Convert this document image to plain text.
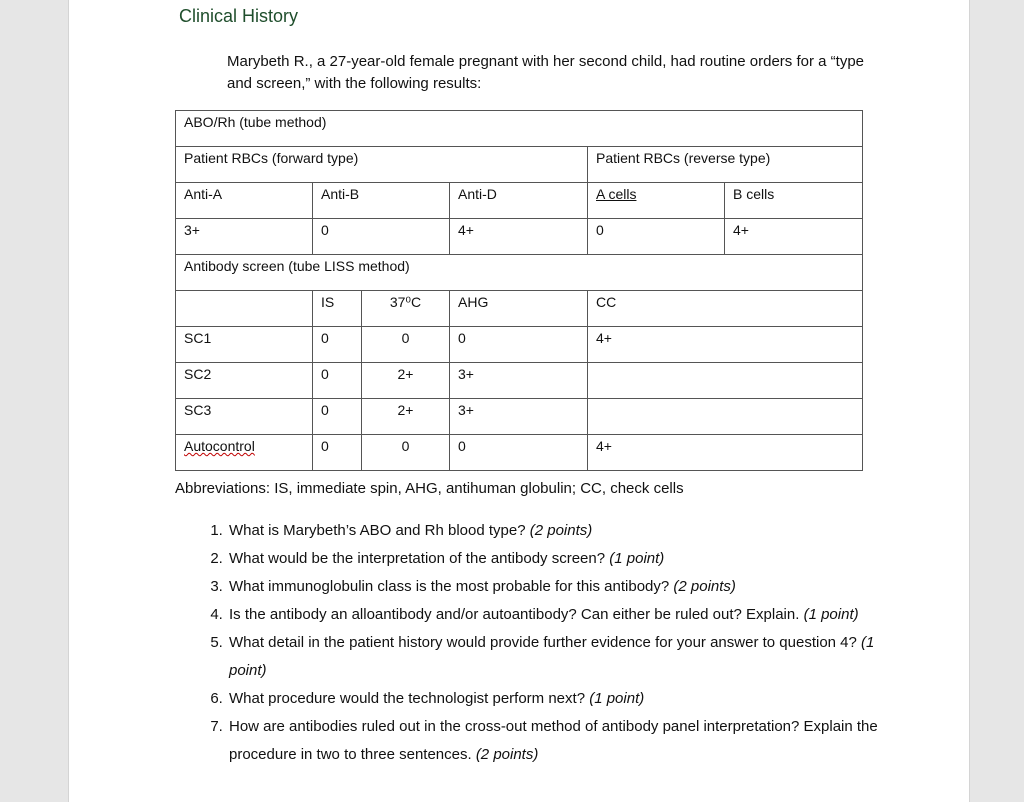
Clinical History
Marybeth R., a 27-year-old female pregnant with her second child, had routine orders for a “type and screen,” with the following results:
ABO/Rh (tube method)					
Patient RBCs (forward type)				Patient RBCs (reverse type)	
Anti-A	Anti-B		Anti-D	A cells	B cells
3+	0		4+	0	4+
Antibody screen (tube LISS method)					
	IS	37⁰C	AHG	CC	
SC1	0	0	0	4+	
SC2	0	2+	3+		
SC3	0	2+	3+		
Autocontrol	0	0	0	4+	
Abbreviations: IS, immediate spin, AHG, antihuman globulin; CC, check cells
1. What is Marybeth’s ABO and Rh blood type? (2 points)
2. What would be the interpretation of the antibody screen? (1 point)
3. What immunoglobulin class is the most probable for this antibody? (2 points)
4. Is the antibody an alloantibody and/or autoantibody? Can either be ruled out? Explain. (1 point)
5. What detail in the patient history would provide further evidence for your answer to question 4? (1 point)
6. What procedure would the technologist perform next? (1 point)
7. How are antibodies ruled out in the cross-out method of antibody panel interpretation? Explain the procedure in two to three sentences. (2 points)
